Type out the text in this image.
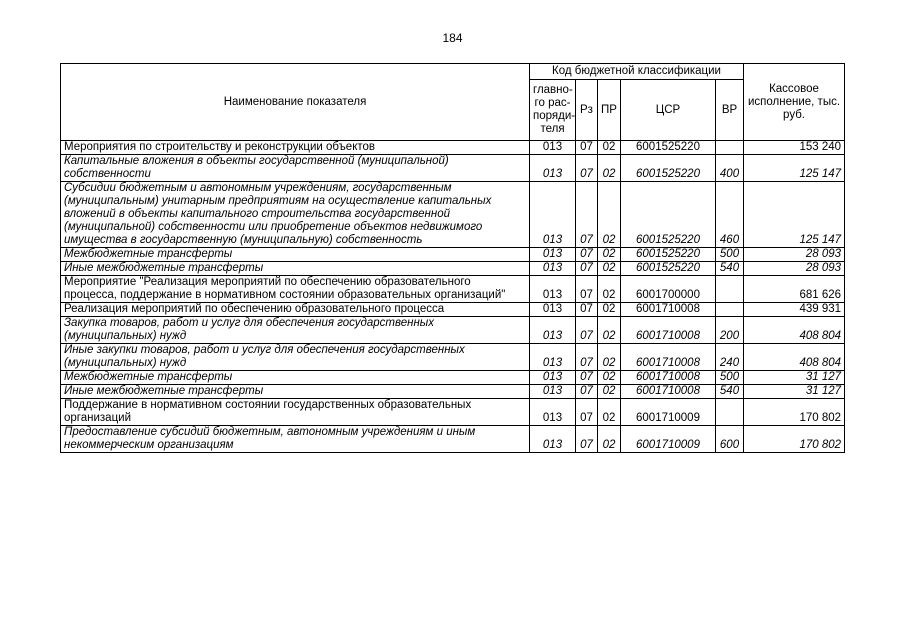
184
Наименование показателя	Код бюджетной классификации					Кассовое исполнение, тыс. руб.
	главно-го рас-поряди-теля	Рз	ПР	ЦСР	ВР	
Мероприятия по строительству и реконструкции объектов	013	07	02	6001525220		153 240
Капитальные вложения в объекты государственной (муниципальной) собственности	013	07	02	6001525220	400	125 147
Субсидии бюджетным и автономным учреждениям, государственным (муниципальным) унитарным предприятиям на осуществление капитальных вложений в объекты капитального строительства государственной (муниципальной) собственности или приобретение объектов недвижимого имущества в государственную (муниципальную) собственность	013	07	02	6001525220	460	125 147
Межбюджетные трансферты	013	07	02	6001525220	500	28 093
Иные межбюджетные трансферты	013	07	02	6001525220	540	28 093
Мероприятие "Реализация мероприятий по обеспечению образовательного процесса, поддержание в нормативном состоянии образовательных организаций"	013	07	02	6001700000		681 626
Реализация мероприятий по обеспечению образовательного процесса	013	07	02	6001710008		439 931
Закупка товаров, работ и услуг для обеспечения государственных (муниципальных) нужд	013	07	02	6001710008	200	408 804
Иные закупки товаров, работ и услуг для обеспечения государственных (муниципальных) нужд	013	07	02	6001710008	240	408 804
Межбюджетные трансферты	013	07	02	6001710008	500	31 127
Иные межбюджетные трансферты	013	07	02	6001710008	540	31 127
Поддержание в нормативном состоянии государственных образовательных организаций	013	07	02	6001710009		170 802
Предоставление субсидий бюджетным, автономным учреждениям и иным некоммерческим организациям	013	07	02	6001710009	600	170 802
